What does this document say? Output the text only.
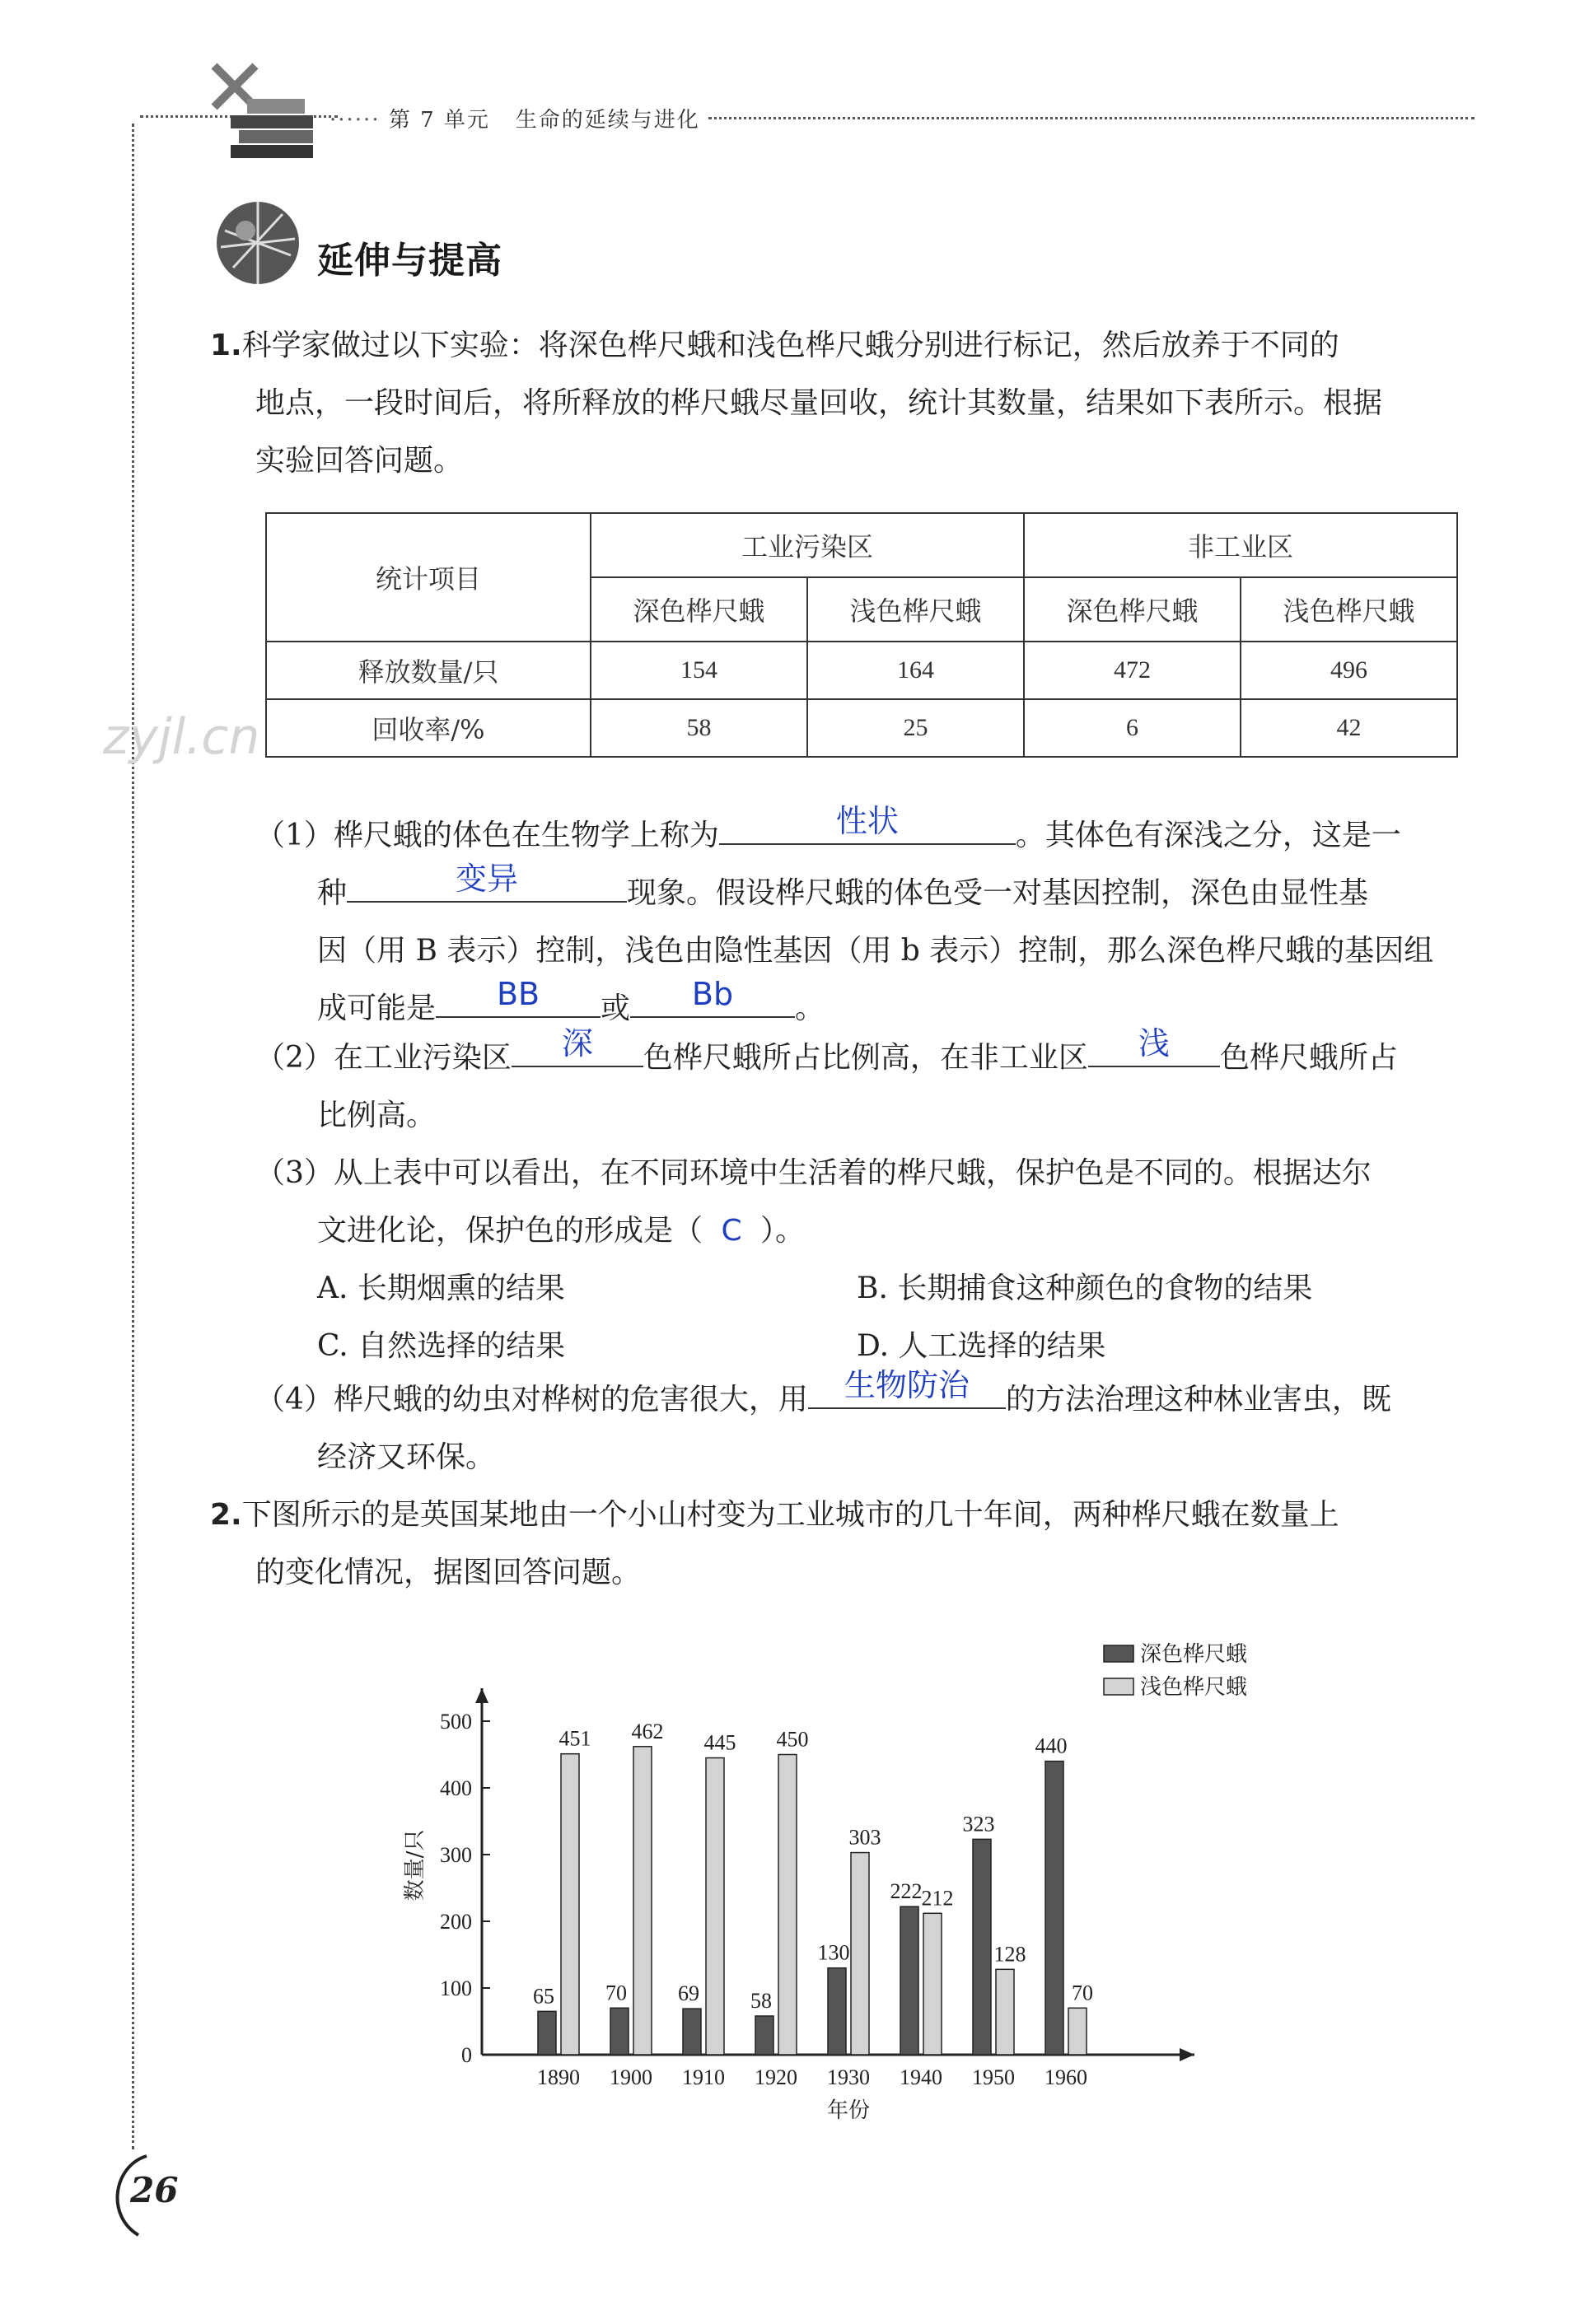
······ 第 7 单元 生命的延续与进化
延伸与提高
1.科学家做过以下实验：将深色桦尺蛾和浅色桦尺蛾分别进行标记，然后放养于不同的
地点，一段时间后，将所释放的桦尺蛾尽量回收，统计其数量，结果如下表所示。根据
实验回答问题。
统计项目	工业污染区		非工业区	
	深色桦尺蛾	浅色桦尺蛾	深色桦尺蛾	浅色桦尺蛾
释放数量/只	154	164	472	496
回收率/%	58	25	6	42
zyjl.cn
（1）桦尺蛾的体色在生物学上称为	性状	。其体色有深浅之分，这是一
种	变异	现象。假设桦尺蛾的体色受一对基因控制，深色由显性基
因（用 B 表示）控制，浅色由隐性基因（用 b 表示）控制，那么深色桦尺蛾的基因组
成可能是	BB	或	Bb	。
（2）在工业污染区	深	色桦尺蛾所占比例高，在非工业区	浅	色桦尺蛾所占
比例高。
（3）从上表中可以看出，在不同环境中生活着的桦尺蛾，保护色是不同的。根据达尔
文进化论，保护色的形成是（ C ）。
A. 长期烟熏的结果	B. 长期捕食这种颜色的食物的结果
C. 自然选择的结果	D. 人工选择的结果
（4）桦尺蛾的幼虫对桦树的危害很大，用	生物防治	的方法治理这种林业害虫，既
经济又环保。
2.下图所示的是英国某地由一个小山村变为工业城市的几十年间，两种桦尺蛾在数量上
的变化情况，据图回答问题。
0
100
200
300
400
500
数量/只
65
451
1890
70
462
1900
69
445
1910
58
450
1920
130
303
1930
222 212
1940
323
128
1950
440
70
1960
年份
深色桦尺蛾
浅色桦尺蛾
26
